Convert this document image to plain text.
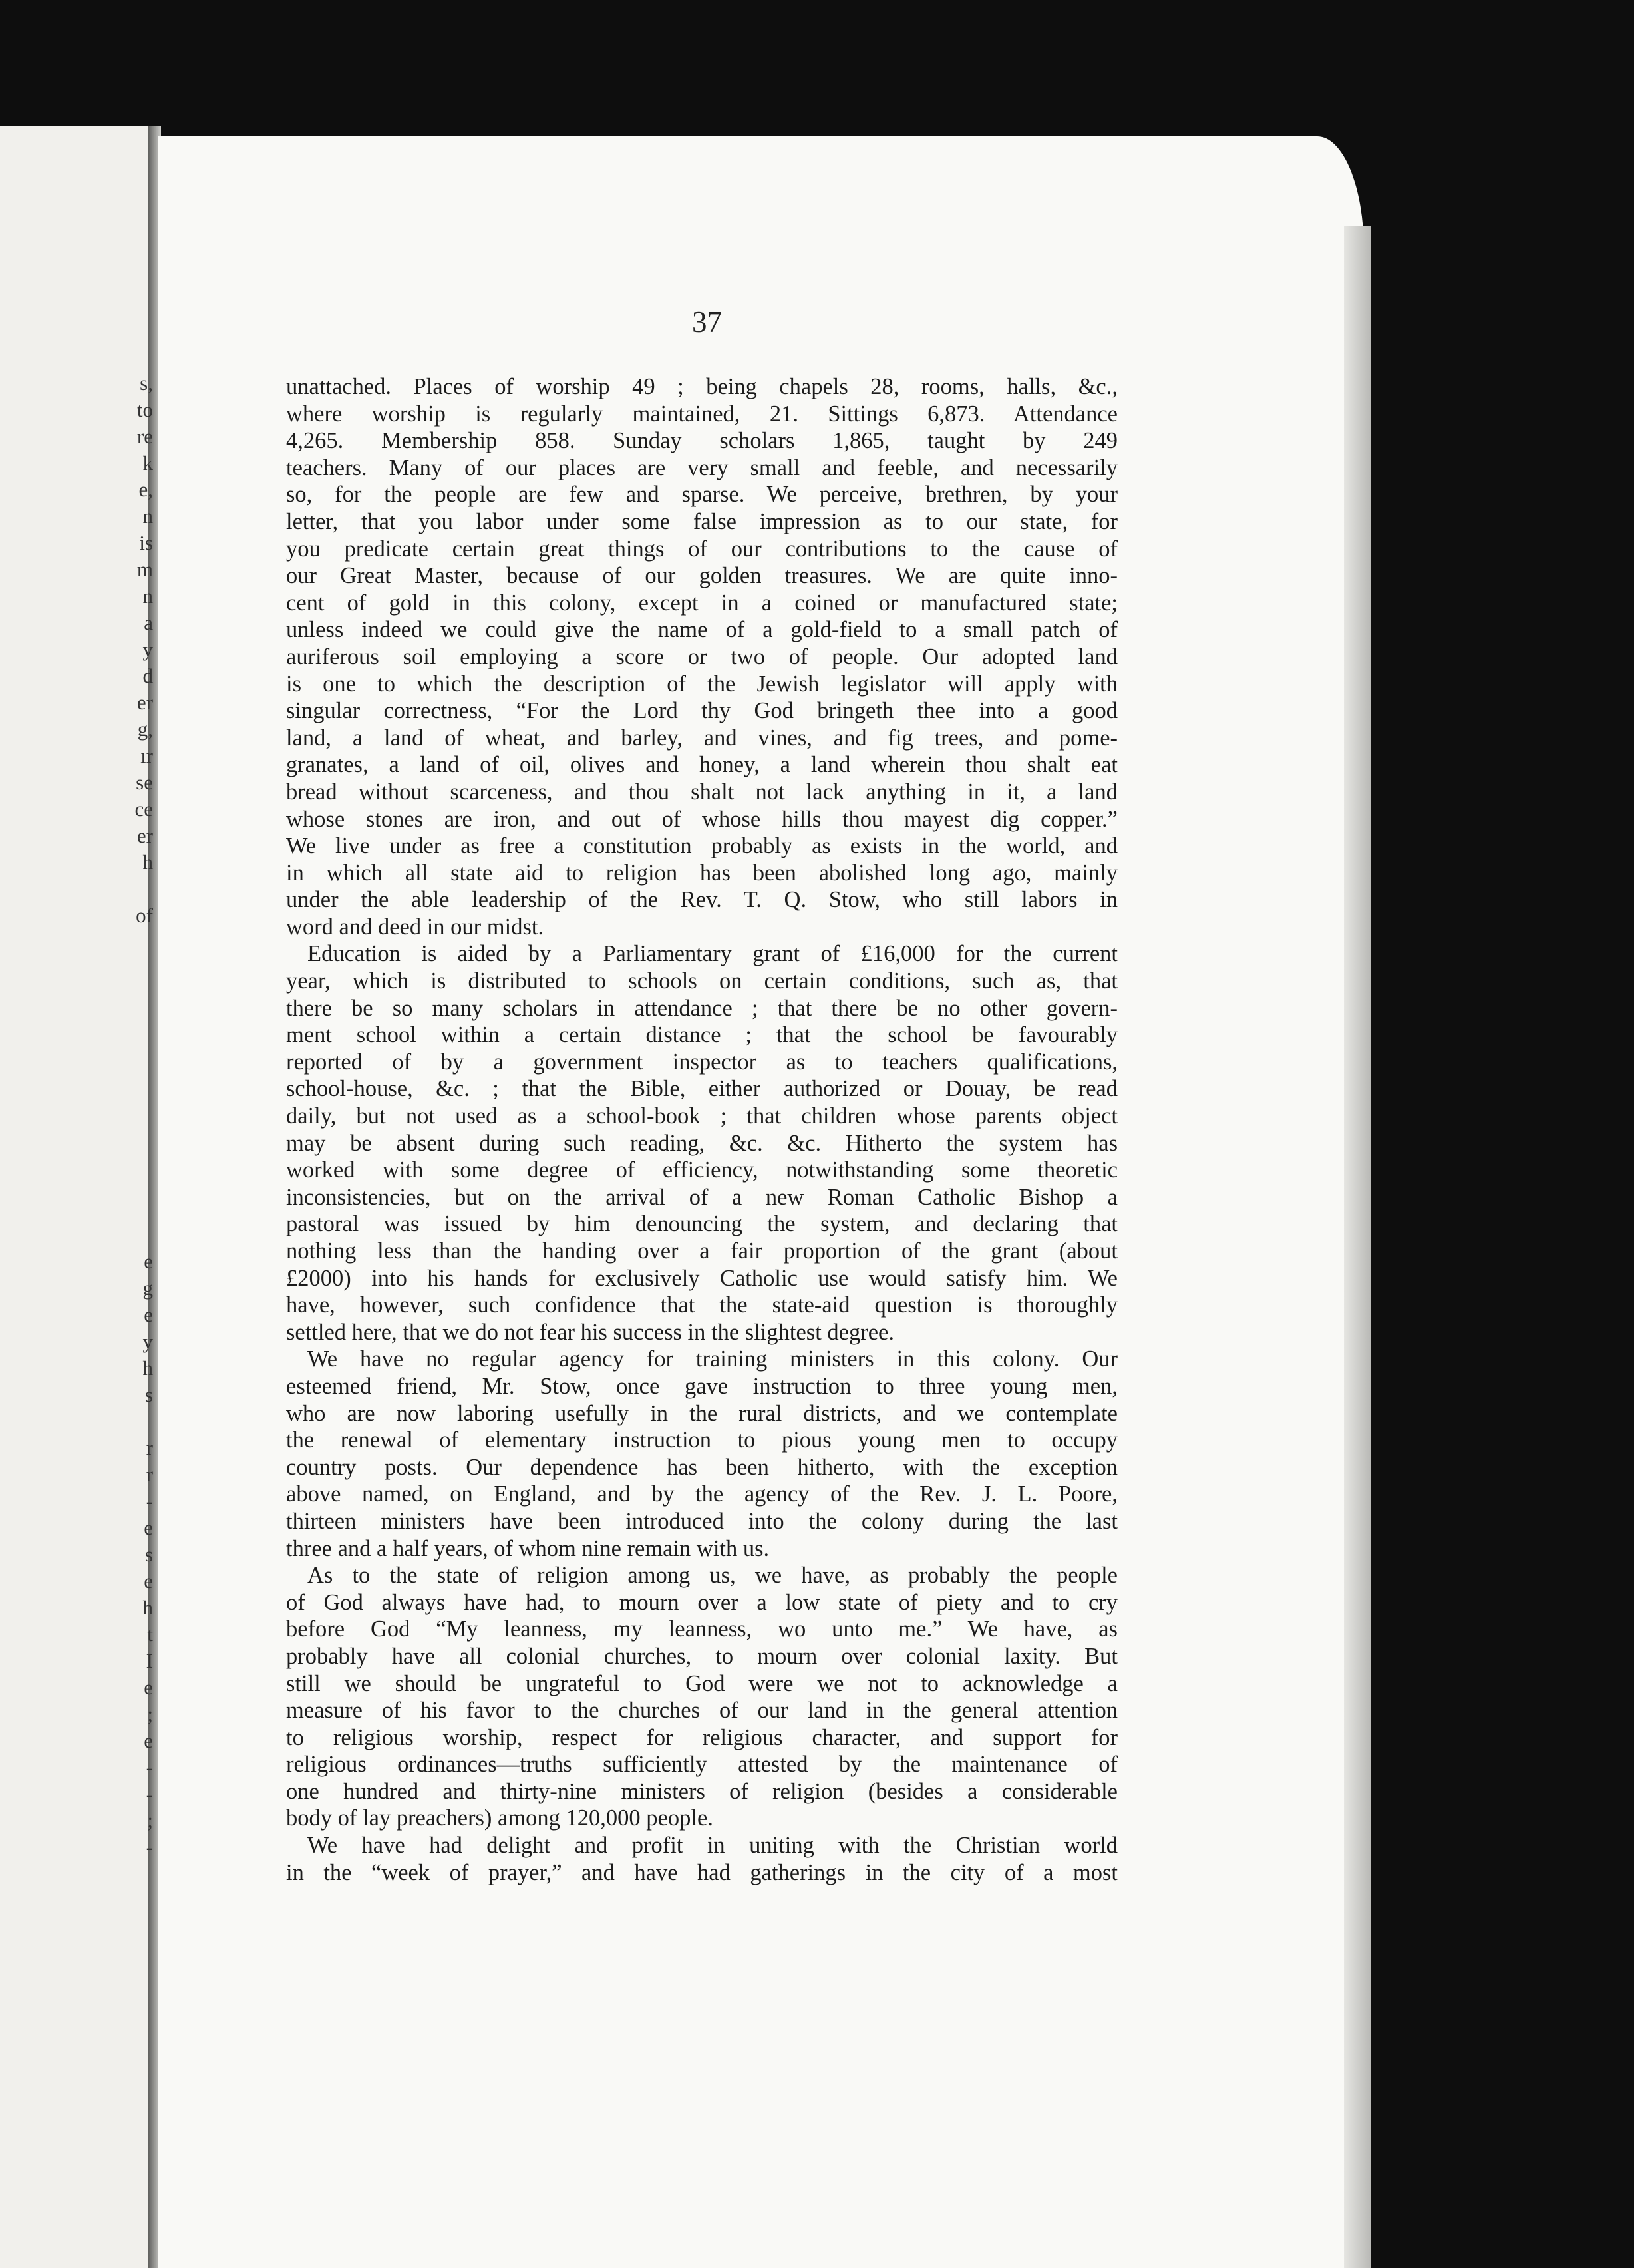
s,
to
re
k
e,
n
is
m
n
a
y
d
er
g,
ır
se
ce
er
h
of
e
g
e
y
h
s
r
r
-
e
s
e
h
t
I
e
;
e
-
-
;
-
37
unattached. Places of worship 49 ; being chapels 28, rooms, halls, &c.,
where worship is regularly maintained, 21. Sittings 6,873. Attendance
4,265. Membership 858. Sunday scholars 1,865, taught by 249
teachers. Many of our places are very small and feeble, and necessarily
so, for the people are few and sparse. We perceive, brethren, by your
letter, that you labor under some false impression as to our state, for
you predicate certain great things of our contributions to the cause of
our Great Master, because of our golden treasures. We are quite inno-
cent of gold in this colony, except in a coined or manufactured state;
unless indeed we could give the name of a gold-field to a small patch of
auriferous soil employing a score or two of people. Our adopted land
is one to which the description of the Jewish legislator will apply with
singular correctness, “For the Lord thy God bringeth thee into a good
land, a land of wheat, and barley, and vines, and fig trees, and pome-
granates, a land of oil, olives and honey, a land wherein thou shalt eat
bread without scarceness, and thou shalt not lack anything in it, a land
whose stones are iron, and out of whose hills thou mayest dig copper.”
We live under as free a constitution probably as exists in the world, and
in which all state aid to religion has been abolished long ago, mainly
under the able leadership of the Rev. T. Q. Stow, who still labors in
word and deed in our midst.
Education is aided by a Parliamentary grant of £16,000 for the current
year, which is distributed to schools on certain conditions, such as, that
there be so many scholars in attendance ; that there be no other govern-
ment school within a certain distance ; that the school be favourably
reported of by a government inspector as to teachers qualifications,
school-house, &c. ; that the Bible, either authorized or Douay, be read
daily, but not used as a school-book ; that children whose parents object
may be absent during such reading, &c. &c. Hitherto the system has
worked with some degree of efficiency, notwithstanding some theoretic
inconsistencies, but on the arrival of a new Roman Catholic Bishop a
pastoral was issued by him denouncing the system, and declaring that
nothing less than the handing over a fair proportion of the grant (about
£2000) into his hands for exclusively Catholic use would satisfy him. We
have, however, such confidence that the state-aid question is thoroughly
settled here, that we do not fear his success in the slightest degree.
We have no regular agency for training ministers in this colony. Our
esteemed friend, Mr. Stow, once gave instruction to three young men,
who are now laboring usefully in the rural districts, and we contemplate
the renewal of elementary instruction to pious young men to occupy
country posts. Our dependence has been hitherto, with the exception
above named, on England, and by the agency of the Rev. J. L. Poore,
thirteen ministers have been introduced into the colony during the last
three and a half years, of whom nine remain with us.
As to the state of religion among us, we have, as probably the people
of God always have had, to mourn over a low state of piety and to cry
before God “My leanness, my leanness, wo unto me.” We have, as
probably have all colonial churches, to mourn over colonial laxity. But
still we should be ungrateful to God were we not to acknowledge a
measure of his favor to the churches of our land in the general attention
to religious worship, respect for religious character, and support for
religious ordinances—truths sufficiently attested by the maintenance of
one hundred and thirty-nine ministers of religion (besides a considerable
body of lay preachers) among 120,000 people.
We have had delight and profit in uniting with the Christian world
in the “week of prayer,” and have had gatherings in the city of a most
